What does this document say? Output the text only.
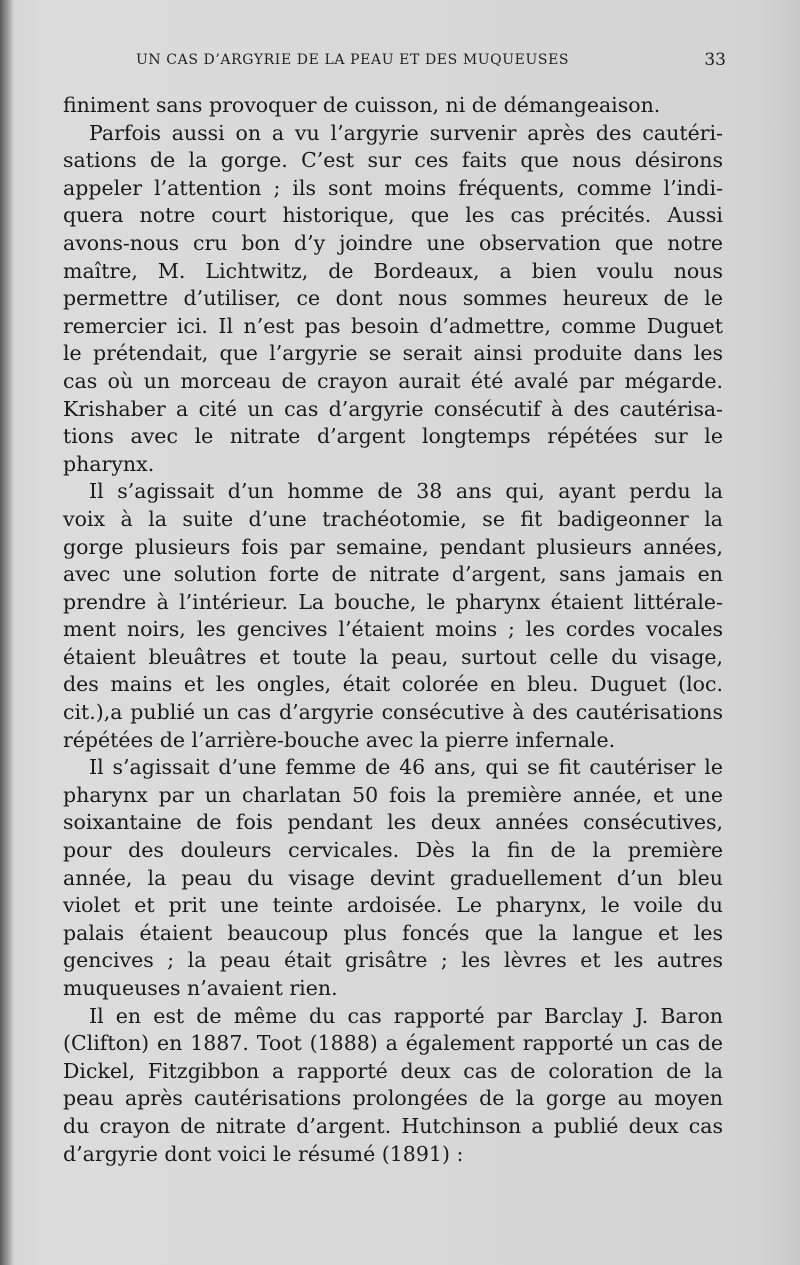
UN CAS D’ARGYRIE DE LA PEAU ET DES MUQUEUSES	33
finiment sans provoquer de cuisson, ni de démangeaison.
Parfois aussi on a vu l’argyrie survenir après des cautéri-
sations de la gorge. C’est sur ces faits que nous désirons
appeler l’attention ; ils sont moins fréquents, comme l’indi-
quera notre court historique, que les cas précités. Aussi
avons-nous cru bon d’y joindre une observation que notre
maître, M. Lichtwitz, de Bordeaux, a bien voulu nous
permettre d’utiliser, ce dont nous sommes heureux de le
remercier ici. Il n’est pas besoin d’admettre, comme Duguet
le prétendait, que l’argyrie se serait ainsi produite dans les
cas où un morceau de crayon aurait été avalé par mégarde.
Krishaber a cité un cas d’argyrie consécutif à des cautérisa-
tions avec le nitrate d’argent longtemps répétées sur le
pharynx.
Il s’agissait d’un homme de 38 ans qui, ayant perdu la
voix à la suite d’une trachéotomie, se fit badigeonner la
gorge plusieurs fois par semaine, pendant plusieurs années,
avec une solution forte de nitrate d’argent, sans jamais en
prendre à l’intérieur. La bouche, le pharynx étaient littérale-
ment noirs, les gencives l’étaient moins ; les cordes vocales
étaient bleuâtres et toute la peau, surtout celle du visage,
des mains et les ongles, était colorée en bleu. Duguet (loc.
cit.),a publié un cas d’argyrie consécutive à des cautérisations
répétées de l’arrière-bouche avec la pierre infernale.
Il s’agissait d’une femme de 46 ans, qui se fit cautériser le
pharynx par un charlatan 50 fois la première année, et une
soixantaine de fois pendant les deux années consécutives,
pour des douleurs cervicales. Dès la fin de la première
année, la peau du visage devint graduellement d’un bleu
violet et prit une teinte ardoisée. Le pharynx, le voile du
palais étaient beaucoup plus foncés que la langue et les
gencives ; la peau était grisâtre ; les lèvres et les autres
muqueuses n’avaient rien.
Il en est de même du cas rapporté par Barclay J. Baron
(Clifton) en 1887. Toot (1888) a également rapporté un cas de
Dickel, Fitzgibbon a rapporté deux cas de coloration de la
peau après cautérisations prolongées de la gorge au moyen
du crayon de nitrate d’argent. Hutchinson a publié deux cas
d’argyrie dont voici le résumé (1891) :
